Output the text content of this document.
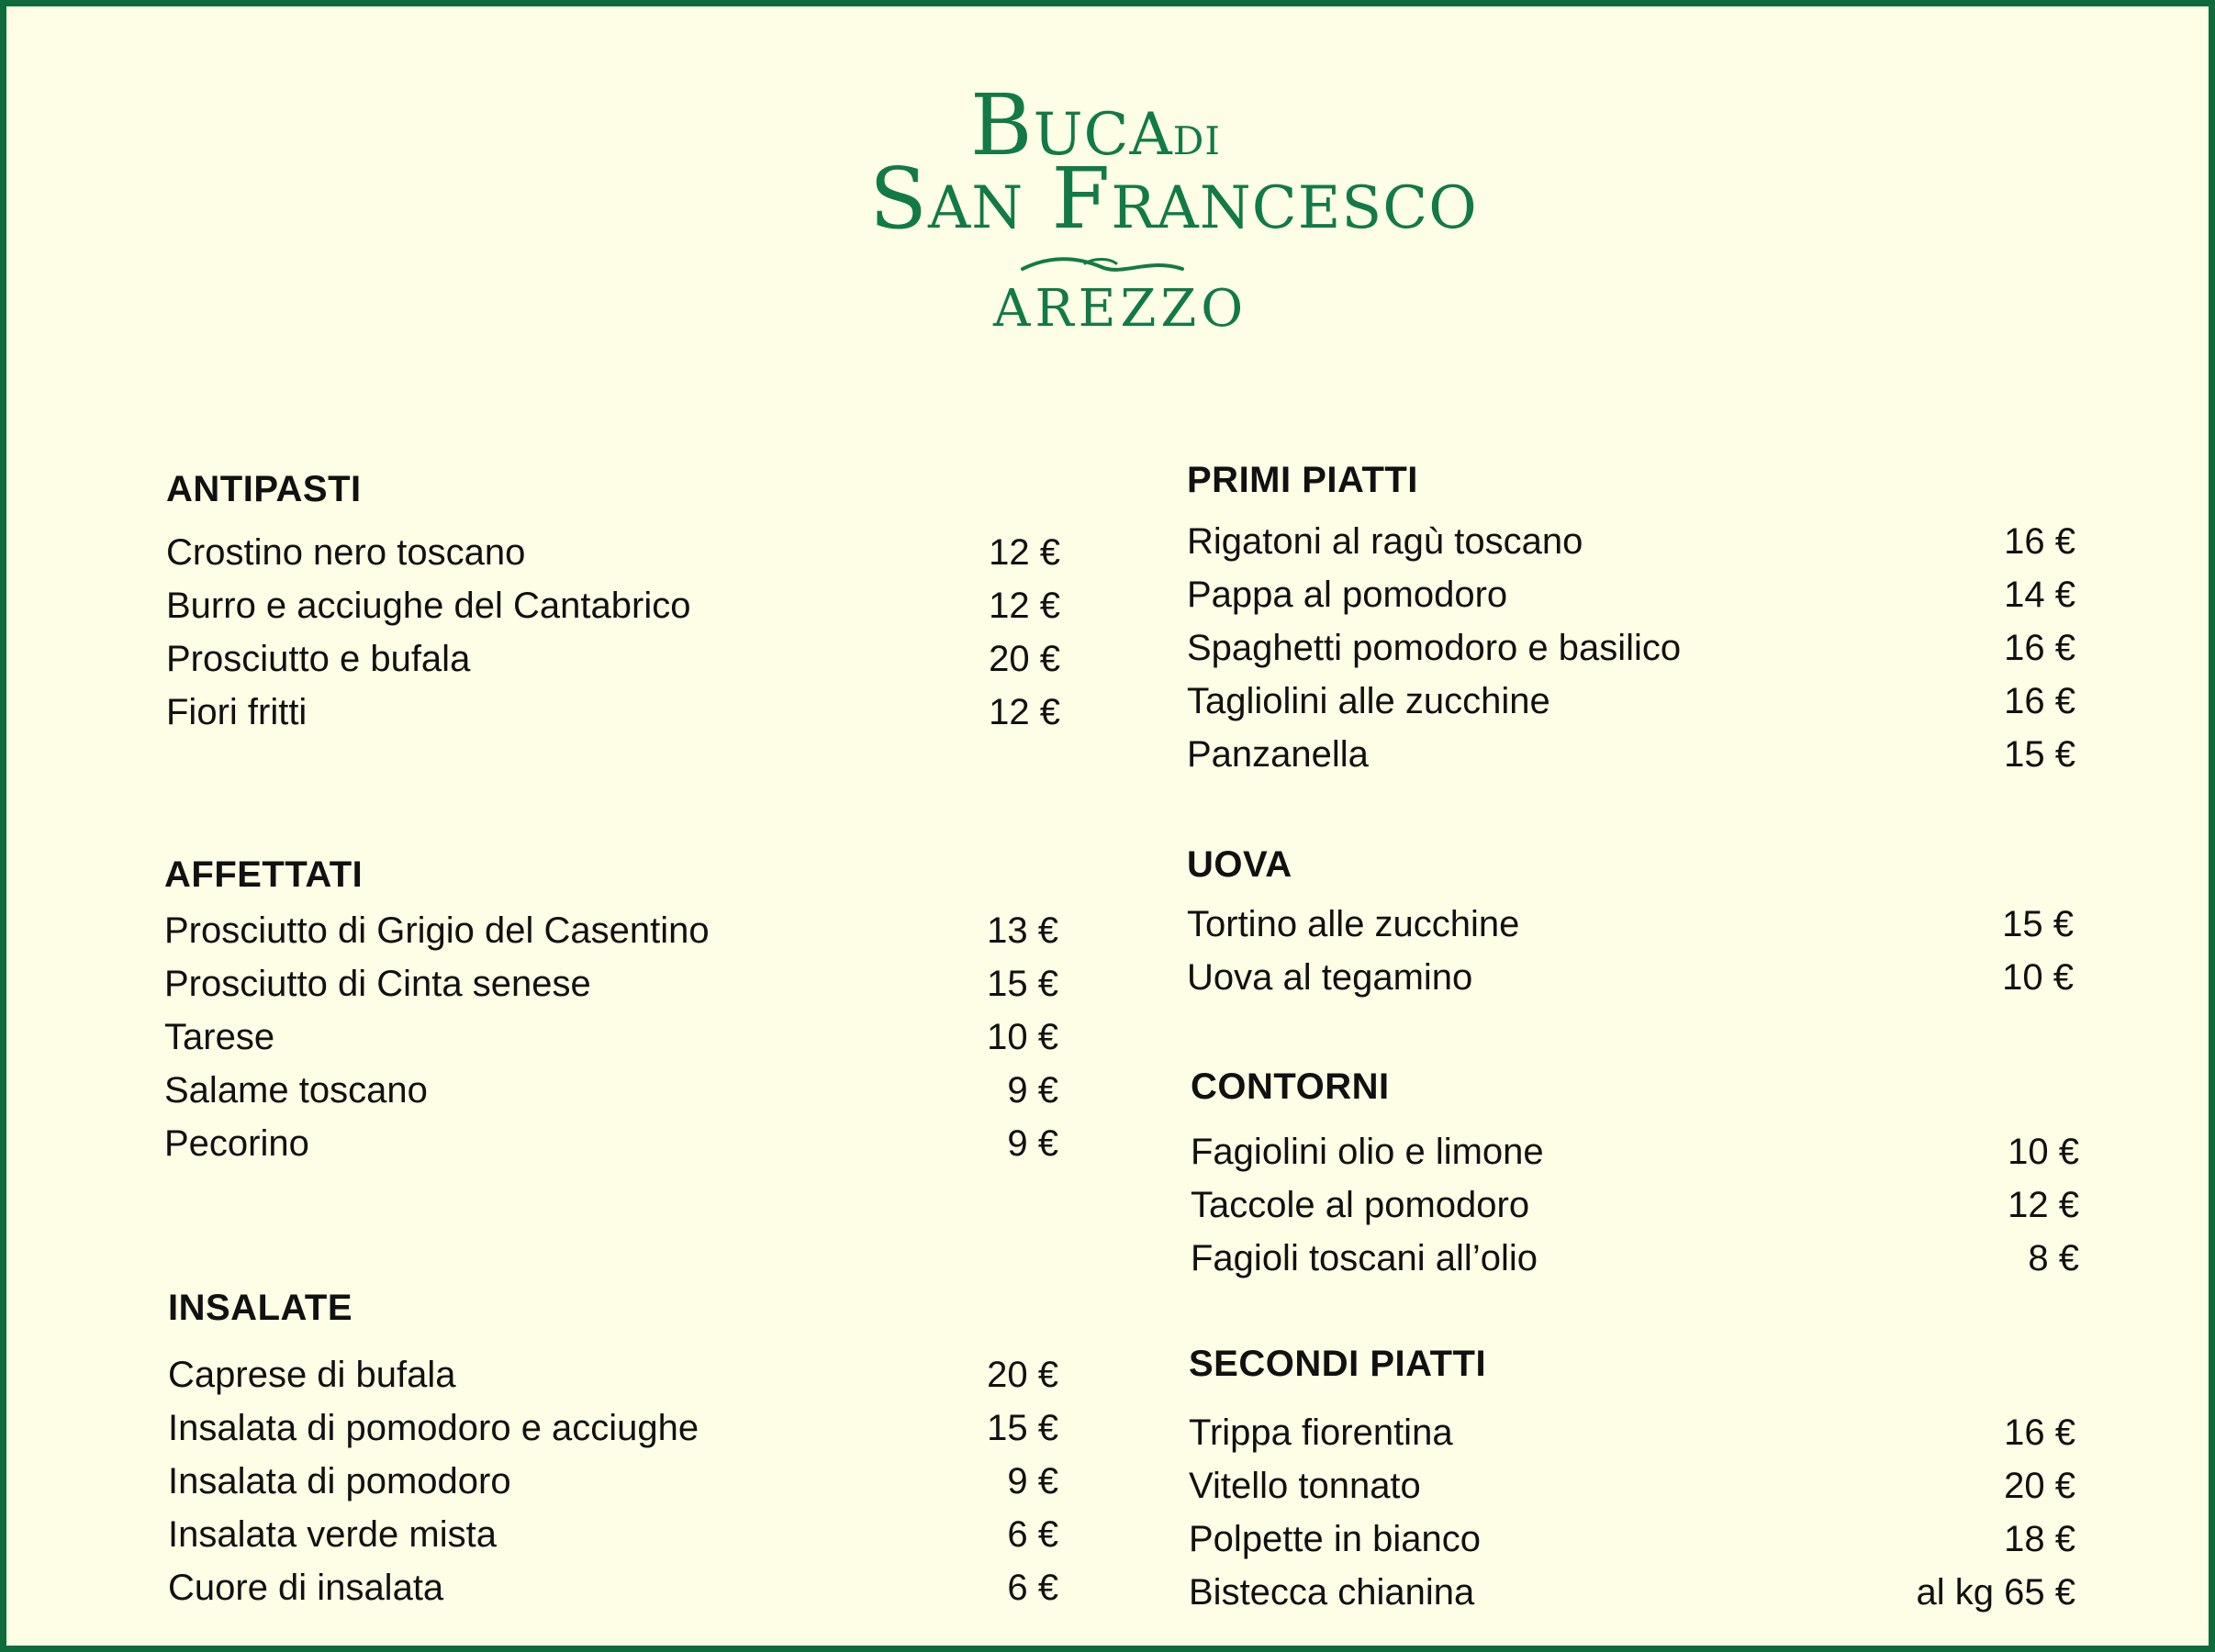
Bucadi
San Francesco
AREZZO
ANTIPASTI
Crostino nero toscano	12 €
Burro e acciughe del Cantabrico	12 €
Prosciutto e bufala	20 €
Fiori fritti	12 €
AFFETTATI
Prosciutto di Grigio del Casentino	13 €
Prosciutto di Cinta senese	15 €
Tarese	10 €
Salame toscano	9 €
Pecorino	9 €
INSALATE
Caprese di bufala	20 €
Insalata di pomodoro e acciughe	15 €
Insalata di pomodoro	9 €
Insalata verde mista	6 €
Cuore di insalata	6 €
PRIMI PIATTI
Rigatoni al ragù toscano	16 €
Pappa al pomodoro	14 €
Spaghetti pomodoro e basilico	16 €
Tagliolini alle zucchine	16 €
Panzanella	15 €
UOVA
Tortino alle zucchine	15 €
Uova al tegamino	10 €
CONTORNI
Fagiolini olio e limone	10 €
Taccole al pomodoro	12 €
Fagioli toscani all’olio	8 €
SECONDI PIATTI
Trippa fiorentina	16 €
Vitello tonnato	20 €
Polpette in bianco	18 €
Bistecca chianina	al kg 65 €
